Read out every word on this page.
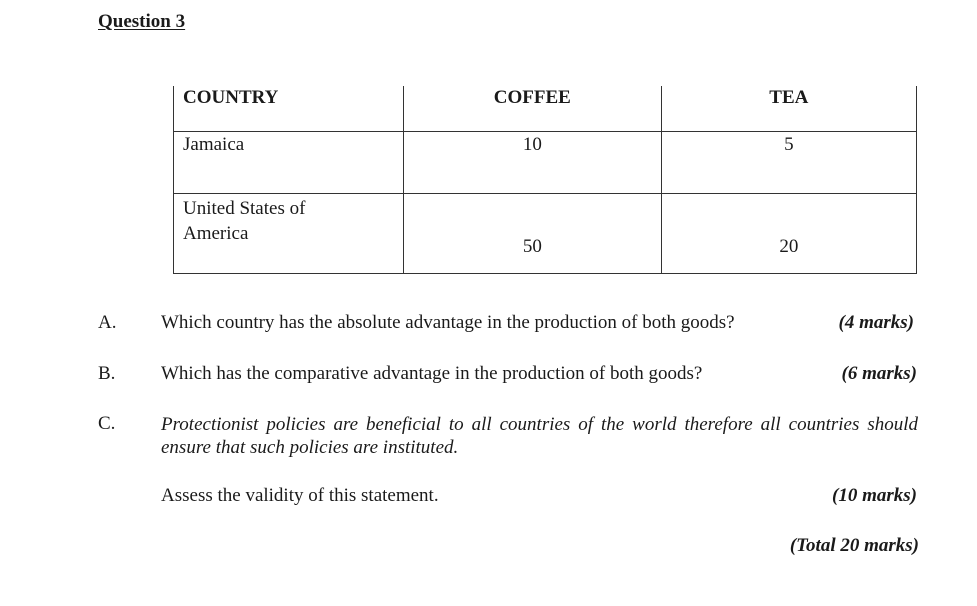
Question 3
COUNTRY	COFFEE	TEA
Jamaica	10	5
United States of
America	50	20
A. Which country has the absolute advantage in the production of both goods?	(4 marks)
B. Which has the comparative advantage in the production of both goods?	(6 marks)
C. Protectionist policies are beneficial to all countries of the world therefore all countries should ensure that such policies are instituted.
Assess the validity of this statement.	(10 marks)
(Total 20 marks)
